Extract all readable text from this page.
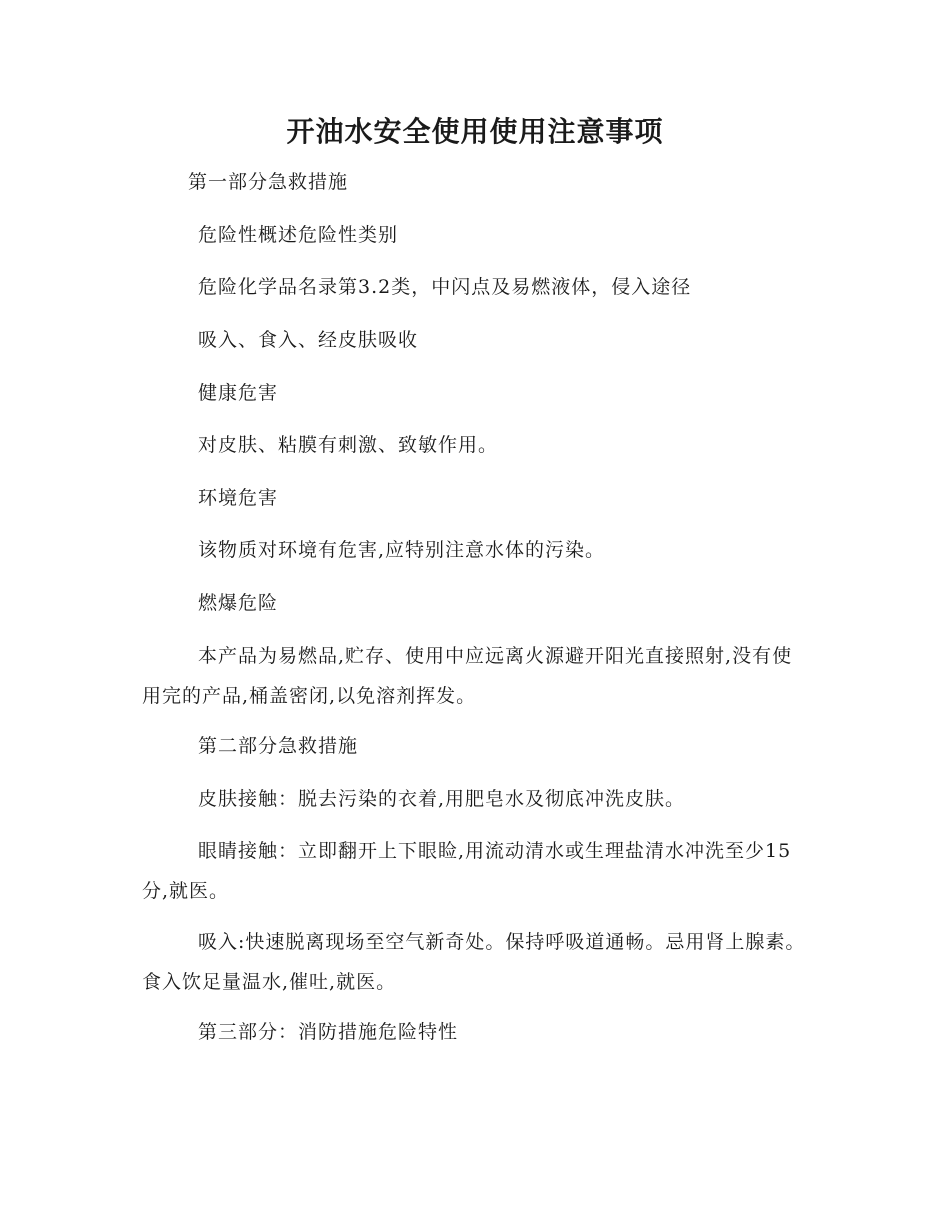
开油水安全使用使用注意事项

第一部分急救措施

危险性概述危险性类别

危险化学品名录第3.2类，中闪点及易燃液体，侵入途径

吸入、食入、经皮肤吸收

健康危害

对皮肤、粘膜有刺激、致敏作用。

环境危害

该物质对环境有危害,应特别注意水体的污染。

燃爆危险

本产品为易燃品,贮存、使用中应远离火源避开阳光直接照射,没有使用完的产品,桶盖密闭,以免溶剂挥发。

第二部分急救措施

皮肤接触：脱去污染的衣着,用肥皂水及彻底冲洗皮肤。

眼睛接触：立即翻开上下眼睑,用流动清水或生理盐清水冲洗至少15分,就医。

吸入:快速脱离现场至空气新奇处。保持呼吸道通畅。忌用肾上腺素。食入饮足量温水,催吐,就医。

第三部分：消防措施危险特性
